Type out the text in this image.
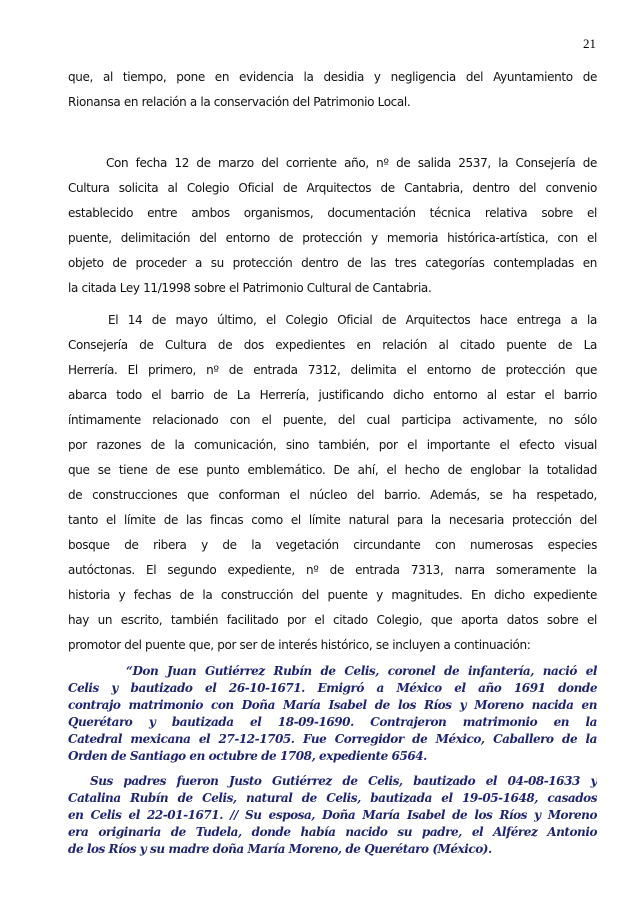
21
que, al tiempo, pone en evidencia la desidia y negligencia del Ayuntamiento de
Rionansa en relación a la conservación del Patrimonio Local.
Con fecha 12 de marzo del corriente año, nº de salida 2537, la Consejería de
Cultura solicita al Colegio Oficial de Arquitectos de Cantabria, dentro del convenio
establecido entre ambos organismos, documentación técnica relativa sobre el
puente, delimitación del entorno de protección y memoria histórica-artística, con el
objeto de proceder a su protección dentro de las tres categorías contempladas en
la citada Ley 11/1998 sobre el Patrimonio Cultural de Cantabria.
El 14 de mayo último, el Colegio Oficial de Arquitectos hace entrega a la
Consejería de Cultura de dos expedientes en relación al citado puente de La
Herrería. El primero, nº de entrada 7312, delimita el entorno de protección que
abarca todo el barrio de La Herrería, justificando dicho entorno al estar el barrio
íntimamente relacionado con el puente, del cual participa activamente, no sólo
por razones de la comunicación, sino también, por el importante el efecto visual
que se tiene de ese punto emblemático. De ahí, el hecho de englobar la totalidad
de construcciones que conforman el núcleo del barrio. Además, se ha respetado,
tanto el límite de las fincas como el límite natural para la necesaria protección del
bosque de ribera y de la vegetación circundante con numerosas especies
autóctonas. El segundo expediente, nº de entrada 7313, narra someramente la
historia y fechas de la construcción del puente y magnitudes. En dicho expediente
hay un escrito, también facilitado por el citado Colegio, que aporta datos sobre el
promotor del puente que, por ser de interés histórico, se incluyen a continuación:
“Don Juan Gutiérrez Rubín de Celis, coronel de infantería, nació el
Celis y bautizado el 26-10-1671. Emigró a México el año 1691 donde
contrajo matrimonio con Doña María Isabel de los Ríos y Moreno nacida en
Querétaro y bautizada el 18-09-1690. Contrajeron matrimonio en la
Catedral mexicana el 27-12-1705. Fue Corregidor de México, Caballero de la
Orden de Santiago en octubre de 1708, expediente 6564.
Sus padres fueron Justo Gutiérrez de Celis, bautizado el 04-08-1633 y
Catalina Rubín de Celis, natural de Celis, bautizada el 19-05-1648, casados
en Celis el 22-01-1671. // Su esposa, Doña María Isabel de los Ríos y Moreno
era originaria de Tudela, donde había nacido su padre, el Alférez Antonio
de los Ríos y su madre doña María Moreno, de Querétaro (México).
